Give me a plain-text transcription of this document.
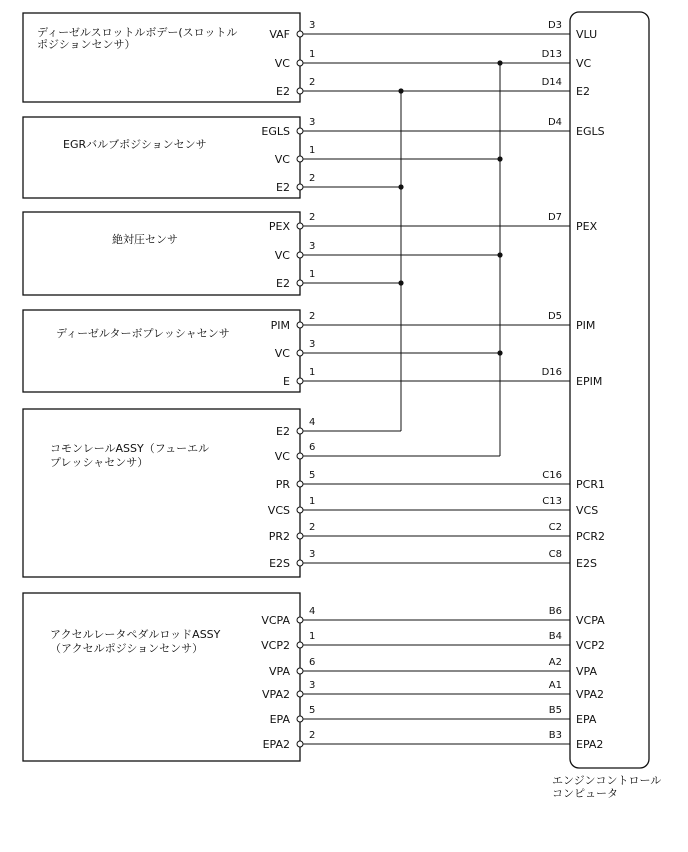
エンジンコントロール
コンピュータ
ディーゼルスロットルボデー(スロットル
ポジションセンサ）
VAF
3	D3
VLU
VC
1	D13
VC
E2
2	D14
E2
EGRバルブポジションセンサ
EGLS
3	D4
EGLS
VC
1
E2
2
絶対圧センサ
PEX
2	D7
PEX
VC
3
E2
1
ディーゼルターボプレッシャセンサ
PIM
2	D5
PIM
VC
3
E
1	D16
EPIM
コモンレールASSY（フューエル
プレッシャセンサ）
E2
4
VC
6
PR
5	C16
PCR1
VCS
1	C13
VCS
PR2
2	C2
PCR2
E2S
3	C8
E2S
アクセルレータペダルロッドASSY
（アクセルポジションセンサ）
VCPA
4	B6
VCPA
VCP2
1	B4
VCP2
VPA
6	A2
VPA
VPA2
3	A1
VPA2
EPA
5	B5
EPA
EPA2
2	B3
EPA2
